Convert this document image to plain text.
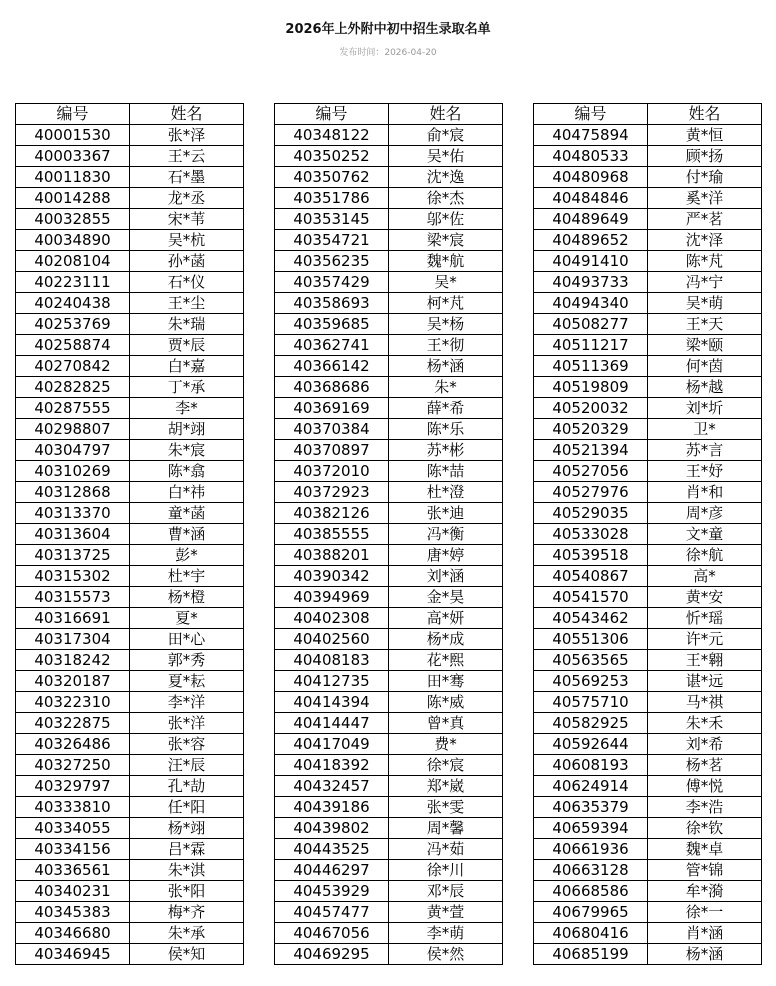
2026年上外附中初中招生录取名单
发布时间：2026-04-20
编号	姓名
40001530	张*泽
40003367	王*云
40011830	石*墨
40014288	龙*丞
40032855	宋*苇
40034890	吴*杭
40208104	孙*菡
40223111	石*仪
40240438	王*尘
40253769	朱*瑞
40258874	贾*辰
40270842	白*嘉
40282825	丁*承
40287555	李*
40298807	胡*翊
40304797	朱*宸
40310269	陈*翕
40312868	白*祎
40313370	童*菡
40313604	曹*涵
40313725	彭*
40315302	杜*宇
40315573	杨*橙
40316691	夏*
40317304	田*心
40318242	郭*秀
40320187	夏*耘
40322310	李*洋
40322875	张*洋
40326486	张*容
40327250	汪*辰
40329797	孔*劼
40333810	任*阳
40334055	杨*翊
40334156	吕*霖
40336561	朱*淇
40340231	张*阳
40345383	梅*齐
40346680	朱*承
40346945	侯*知
编号	姓名
40348122	俞*宸
40350252	吴*佑
40350762	沈*逸
40351786	徐*杰
40353145	邬*佐
40354721	梁*宸
40356235	魏*航
40357429	吴*
40358693	柯*芃
40359685	吴*杨
40362741	王*彻
40366142	杨*涵
40368686	朱*
40369169	薛*希
40370384	陈*乐
40370897	苏*彬
40372010	陈*喆
40372923	杜*澄
40382126	张*迪
40385555	冯*衡
40388201	唐*婷
40390342	刘*涵
40394969	金*昊
40402308	高*妍
40402560	杨*成
40408183	花*熙
40412735	田*骞
40414394	陈*威
40414447	曾*真
40417049	费*
40418392	徐*宸
40432457	郑*崴
40439186	张*雯
40439802	周*馨
40443525	冯*茹
40446297	徐*川
40453929	邓*辰
40457477	黄*萱
40467056	李*萌
40469295	侯*然
编号	姓名
40475894	黄*恒
40480533	顾*扬
40480968	付*瑜
40484846	奚*洋
40489649	严*茗
40489652	沈*泽
40491410	陈*芃
40493733	冯*宁
40494340	吴*萌
40508277	王*天
40511217	梁*颐
40511369	何*茵
40519809	杨*越
40520032	刘*圻
40520329	卫*
40521394	苏*言
40527056	王*妤
40527976	肖*和
40529035	周*彦
40533028	文*童
40539518	徐*航
40540867	高*
40541570	黄*安
40543462	忻*瑶
40551306	许*元
40563565	王*翱
40569253	谌*远
40575710	马*祺
40582925	朱*禾
40592644	刘*希
40608193	杨*茗
40624914	傅*悦
40635379	李*浩
40659394	徐*钦
40661936	魏*卓
40663128	管*锦
40668586	牟*漪
40679965	徐*一
40680416	肖*涵
40685199	杨*涵
